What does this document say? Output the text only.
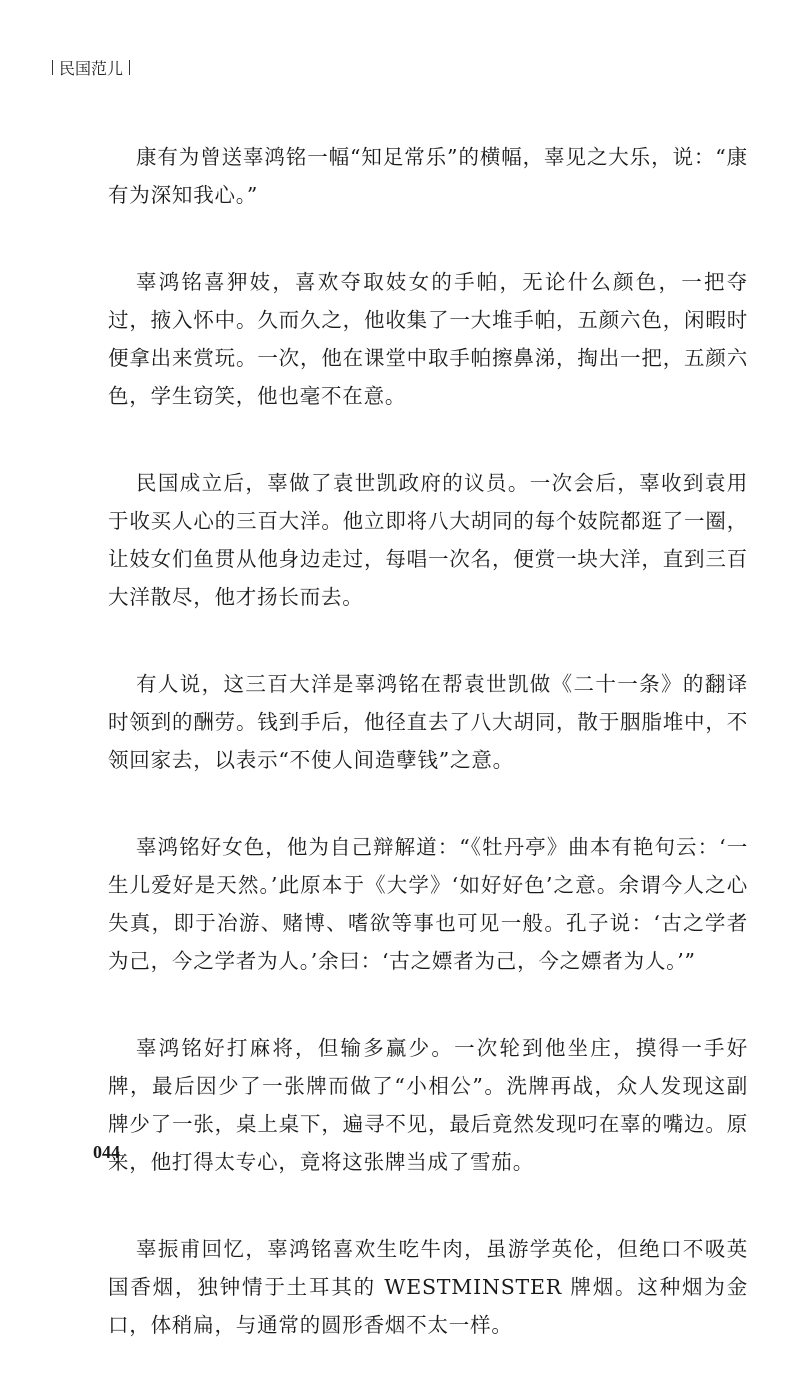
民国范儿

康有为曾送辜鸿铭一幅“知足常乐”的横幅，辜见之大乐，说：“康有为深知我心。”

辜鸿铭喜狎妓，喜欢夺取妓女的手帕，无论什么颜色，一把夺过，掖入怀中。久而久之，他收集了一大堆手帕，五颜六色，闲暇时便拿出来赏玩。一次，他在课堂中取手帕擦鼻涕，掏出一把，五颜六色，学生窃笑，他也毫不在意。

民国成立后，辜做了袁世凯政府的议员。一次会后，辜收到袁用于收买人心的三百大洋。他立即将八大胡同的每个妓院都逛了一圈，让妓女们鱼贯从他身边走过，每唱一次名，便赏一块大洋，直到三百大洋散尽，他才扬长而去。

有人说，这三百大洋是辜鸿铭在帮袁世凯做《二十一条》的翻译时领到的酬劳。钱到手后，他径直去了八大胡同，散于胭脂堆中，不领回家去，以表示“不使人间造孽钱”之意。

辜鸿铭好女色，他为自己辩解道：“《牡丹亭》曲本有艳句云：‘一生儿爱好是天然。’此原本于《大学》‘如好好色’之意。余谓今人之心失真，即于冶游、赌博、嗜欲等事也可见一般。孔子说：‘古之学者为己，今之学者为人。’余曰：‘古之嫖者为己，今之嫖者为人。’”

辜鸿铭好打麻将，但输多赢少。一次轮到他坐庄，摸得一手好牌，最后因少了一张牌而做了“小相公”。洗牌再战，众人发现这副牌少了一张，桌上桌下，遍寻不见，最后竟然发现叼在辜的嘴边。原来，他打得太专心，竟将这张牌当成了雪茄。

辜振甫回忆，辜鸿铭喜欢生吃牛肉，虽游学英伦，但绝口不吸英国香烟，独钟情于土耳其的 WESTMINSTER 牌烟。这种烟为金口，体稍扁，与通常的圆形香烟不太一样。

044
